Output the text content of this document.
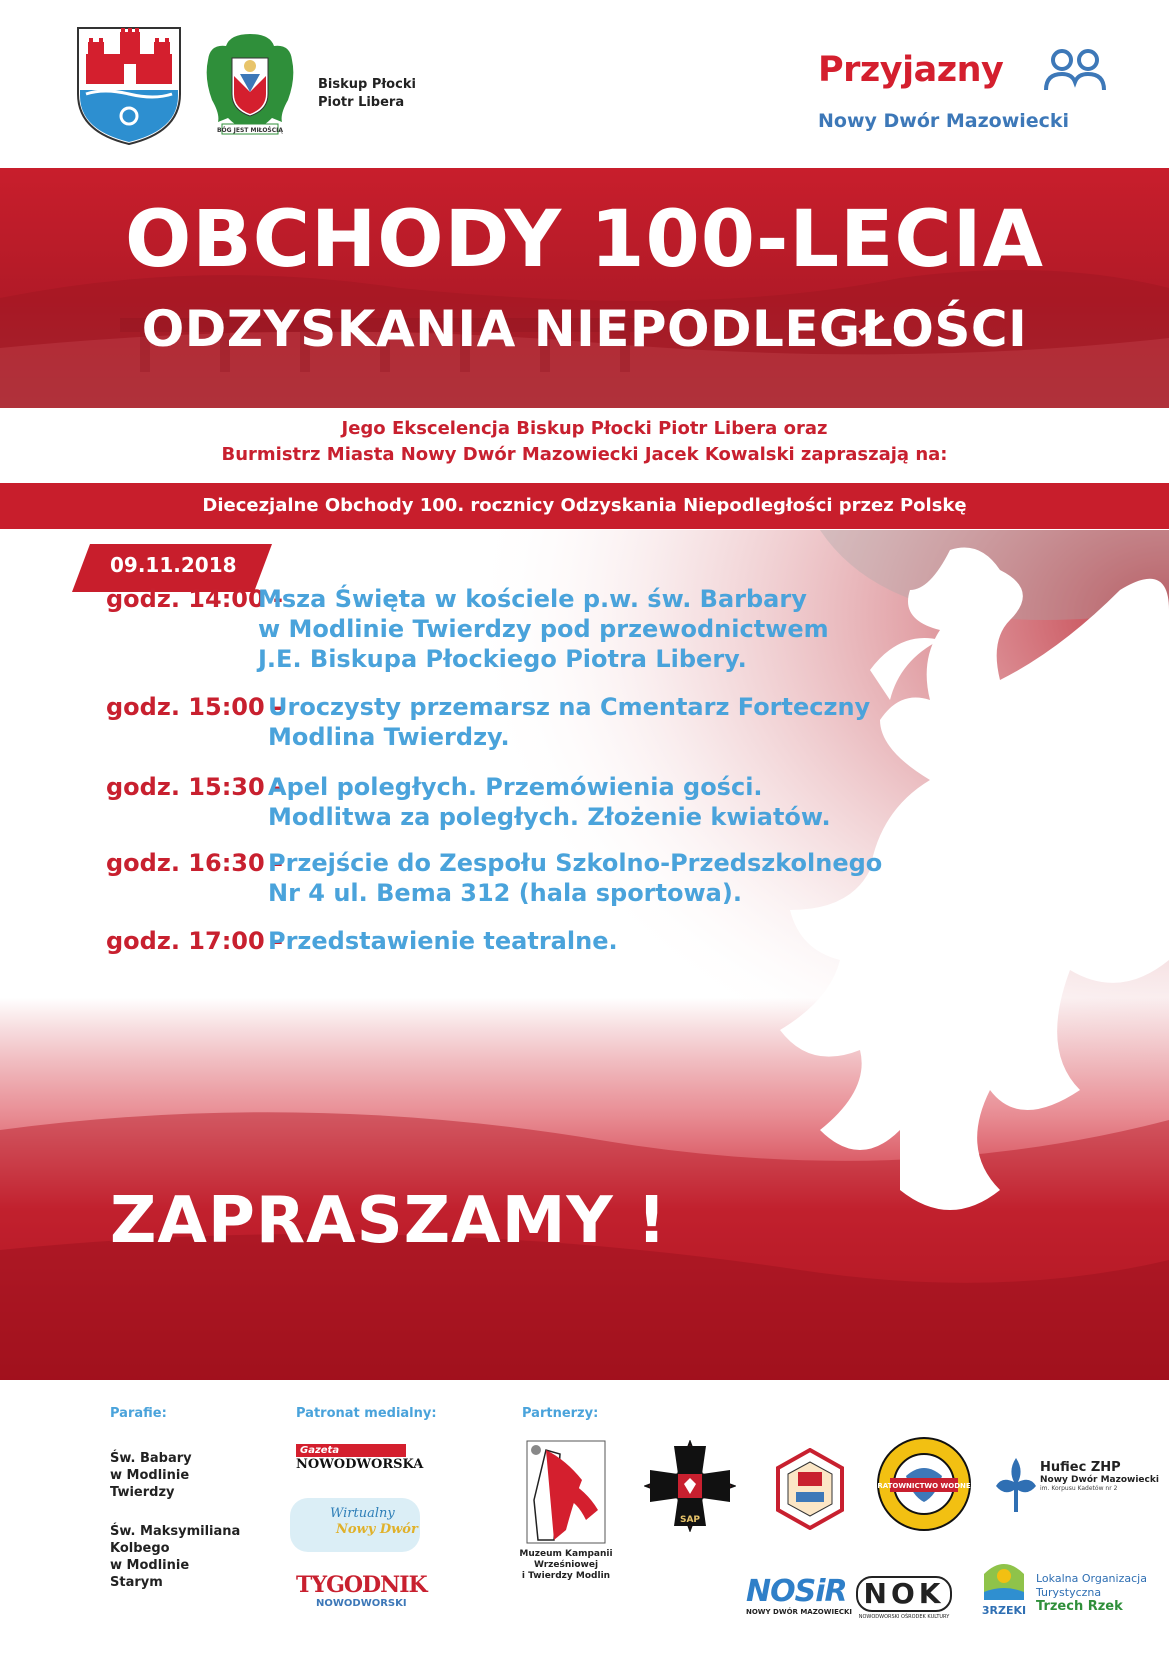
BÓG JEST MIŁOŚCIĄ
Biskup Płocki
Piotr Libera
Przyjazny
Nowy Dwór Mazowiecki
OBCHODY 100-LECIA
ODZYSKANIA NIEPODLEGŁOŚCI
Jego Ekscelencja Biskup Płocki Piotr Libera oraz
Burmistrz Miasta Nowy Dwór Mazowiecki Jacek Kowalski zapraszają na:
Diecezjalne Obchody 100. rocznicy Odzyskania Niepodległości przez Polskę
09.11.2018
godz. 14:00 -
Msza Święta w kościele p.w. św. Barbary
w Modlinie Twierdzy pod przewodnictwem
J.E. Biskupa Płockiego Piotra Libery.
godz. 15:00 -
Uroczysty przemarsz na Cmentarz Forteczny
Modlina Twierdzy.
godz. 15:30 -
Apel poległych. Przemówienia gości.
Modlitwa za poległych. Złożenie kwiatów.
godz. 16:30 -
Przejście do Zespołu Szkolno-Przedszkolnego
Nr 4 ul. Bema 312 (hala sportowa).
godz. 17:00 -
Przedstawienie teatralne.
ZAPRASZAMY !
Parafie:
Św. Babary
w Modlinie
Twierdzy
Św. Maksymiliana
Kolbego
w Modlinie
Starym
Patronat medialny:
Gazeta
NOWODWORSKA
Wirtualny
Nowy Dwór
TYGODNIK
NOWODWORSKI
Partnerzy:
Muzeum Kampanii
Wrześniowej
i Twierdzy Modlin
SAP
RATOWNICTWO WODNE
Hufiec ZHP
Nowy Dwór Mazowiecki
im. Korpusu Kadetów nr 2
NOSiR
NOWY DWÓR MAZOWIECKI
NOK
NOWODWORSKI OŚRODEK KULTURY	3RZEKI
Lokalna Organizacja
Turystyczna
Trzech Rzek
